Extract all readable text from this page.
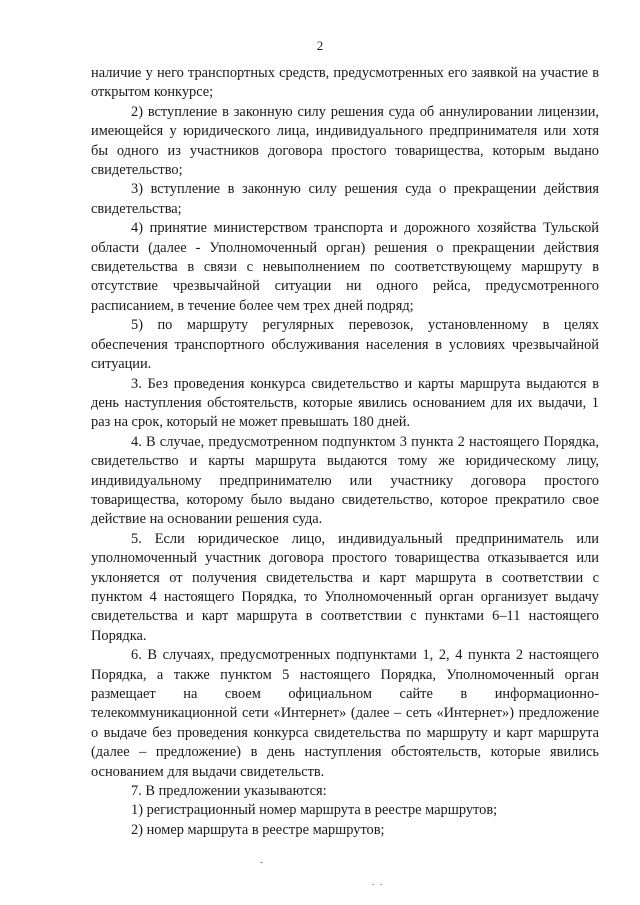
2

наличие у него транспортных средств, предусмотренных его заявкой на участие в открытом конкурсе;

2) вступление в законную силу решения суда об аннулировании лицензии, имеющейся у юридического лица, индивидуального предпринимателя или хотя бы одного из участников договора простого товарищества, которым выдано свидетельство;

3) вступление в законную силу решения суда о прекращении действия свидетельства;

4) принятие министерством транспорта и дорожного хозяйства Тульской области (далее - Уполномоченный орган) решения о прекращении действия свидетельства в связи с невыполнением по соответствующему маршруту в отсутствие чрезвычайной ситуации ни одного рейса, предусмотренного расписанием, в течение более чем трех дней подряд;

5) по маршруту регулярных перевозок, установленному в целях обеспечения транспортного обслуживания населения в условиях чрезвычайной ситуации.

3. Без проведения конкурса свидетельство и карты маршрута выдаются в день наступления обстоятельств, которые явились основанием для их выдачи, 1 раз на срок, который не может превышать 180 дней.

4. В случае, предусмотренном подпунктом 3 пункта 2 настоящего Порядка, свидетельство и карты маршрута выдаются тому же юридическому лицу, индивидуальному предпринимателю или участнику договора простого товарищества, которому было выдано свидетельство, которое прекратило свое действие на основании решения суда.

5. Если юридическое лицо, индивидуальный предприниматель или уполномоченный участник договора простого товарищества отказывается или уклоняется от получения свидетельства и карт маршрута в соответствии с пунктом 4 настоящего Порядка, то Уполномоченный орган организует выдачу свидетельства и карт маршрута в соответствии с пунктами 6–11 настоящего Порядка.

6. В случаях, предусмотренных подпунктами 1, 2, 4 пункта 2 настоящего Порядка, а также пунктом 5 настоящего Порядка, Уполномоченный орган размещает на своем официальном сайте в информационно-телекоммуникационной сети «Интернет» (далее – сеть «Интернет») предложение о выдаче без проведения конкурса свидетельства по маршруту и карт маршрута (далее – предложение) в день наступления обстоятельств, которые явились основанием для выдачи свидетельств.

7. В предложении указываются:

1) регистрационный номер маршрута в реестре маршрутов;

2) номер маршрута в реестре маршрутов;
